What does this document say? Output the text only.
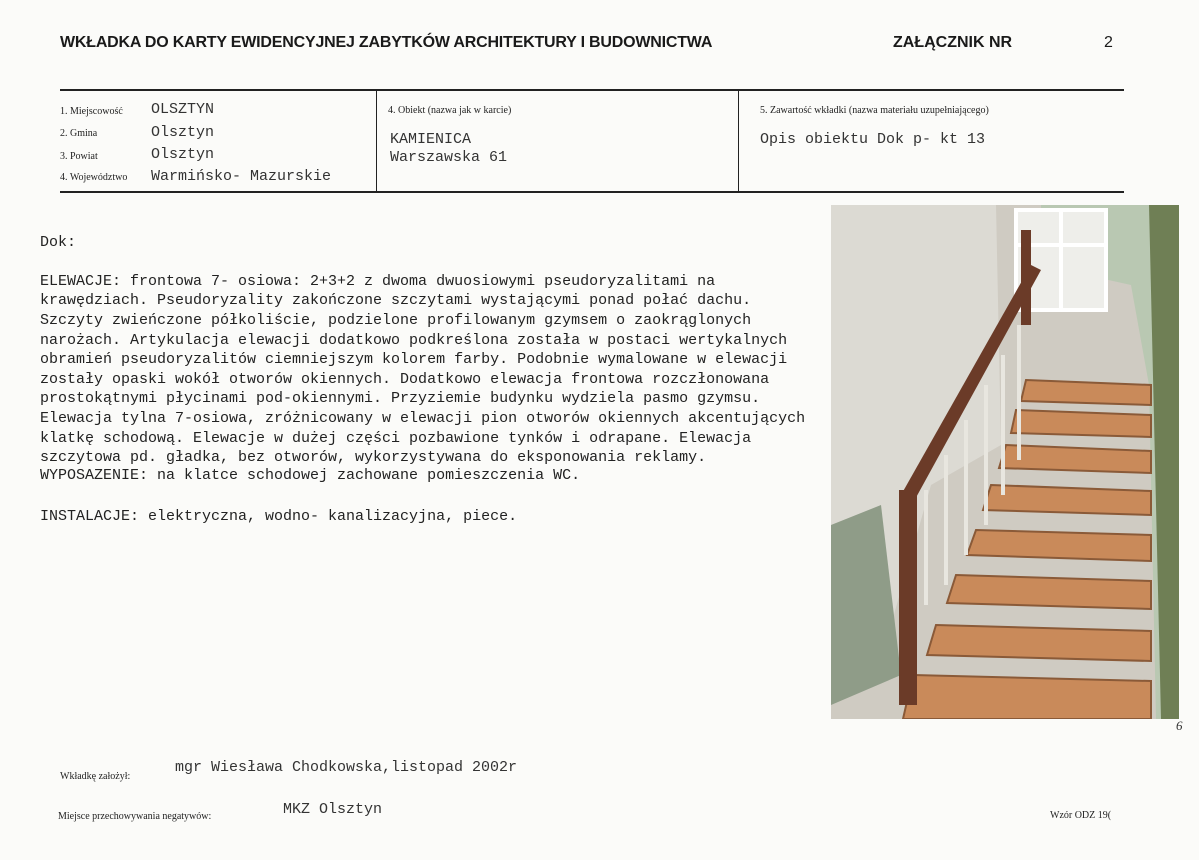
WKŁADKA DO KARTY EWIDENCYJNEJ ZABYTKÓW ARCHITEKTURY I BUDOWNICTWA	ZAŁĄCZNIK NR	2
1. Miejscowość OLSZTYN
2. Gmina	Olsztyn
3. Powiat	Olsztyn
4. Województwo Warmińsko- Mazurskie
4. Obiekt (nazwa jak w karcie)
KAMIENICA
Warszawska 61
5. Zawartość wkładki (nazwa materiału uzupełniającego)
Opis obiektu Dok p- kt 13

Dok:

ELEWACJE: frontowa 7- osiowa: 2+3+2 z dwoma dwuosiowymi pseudoryzalitami na krawędziach. Pseudoryzality zakończone szczytami wystającymi ponad połać dachu. Szczyty zwieńczone półkoliście, podzielone profilowanym gzymsem o zaokrąglonych narożach. Artykulacja elewacji dodatkowo podkreślona została w postaci wertykalnych obramień pseudoryzalitów ciemniejszym kolorem farby. Podobnie wymalowane w elewacji zostały opaski wokół otworów okiennych. Dodatkowo elewacja frontowa rozczłonowana prostokątnymi płycinami pod-okiennymi. Przyziemie budynku wydziela pasmo gzymsu. Elewacja tylna 7-osiowa, zróżnicowany w elewacji pion otworów okiennych akcentujących klatkę schodową. Elewacje w dużej części pozbawione tynków i odrapane. Elewacja szczytowa pd. gładka, bez otworów, wykorzystywana do eksponowania reklamy.

WYPOSAZENIE: na klatce schodowej zachowane pomieszczenia WC.
INSTALACJE: elektryczna, wodno- kanalizacyjna, piece.
6
Wkładkę założył:
mgr Wiesława Chodkowska,listopad 2002r
Miejsce przechowywania negatywów:	MKZ Olsztyn	Wzór ODZ 19(
